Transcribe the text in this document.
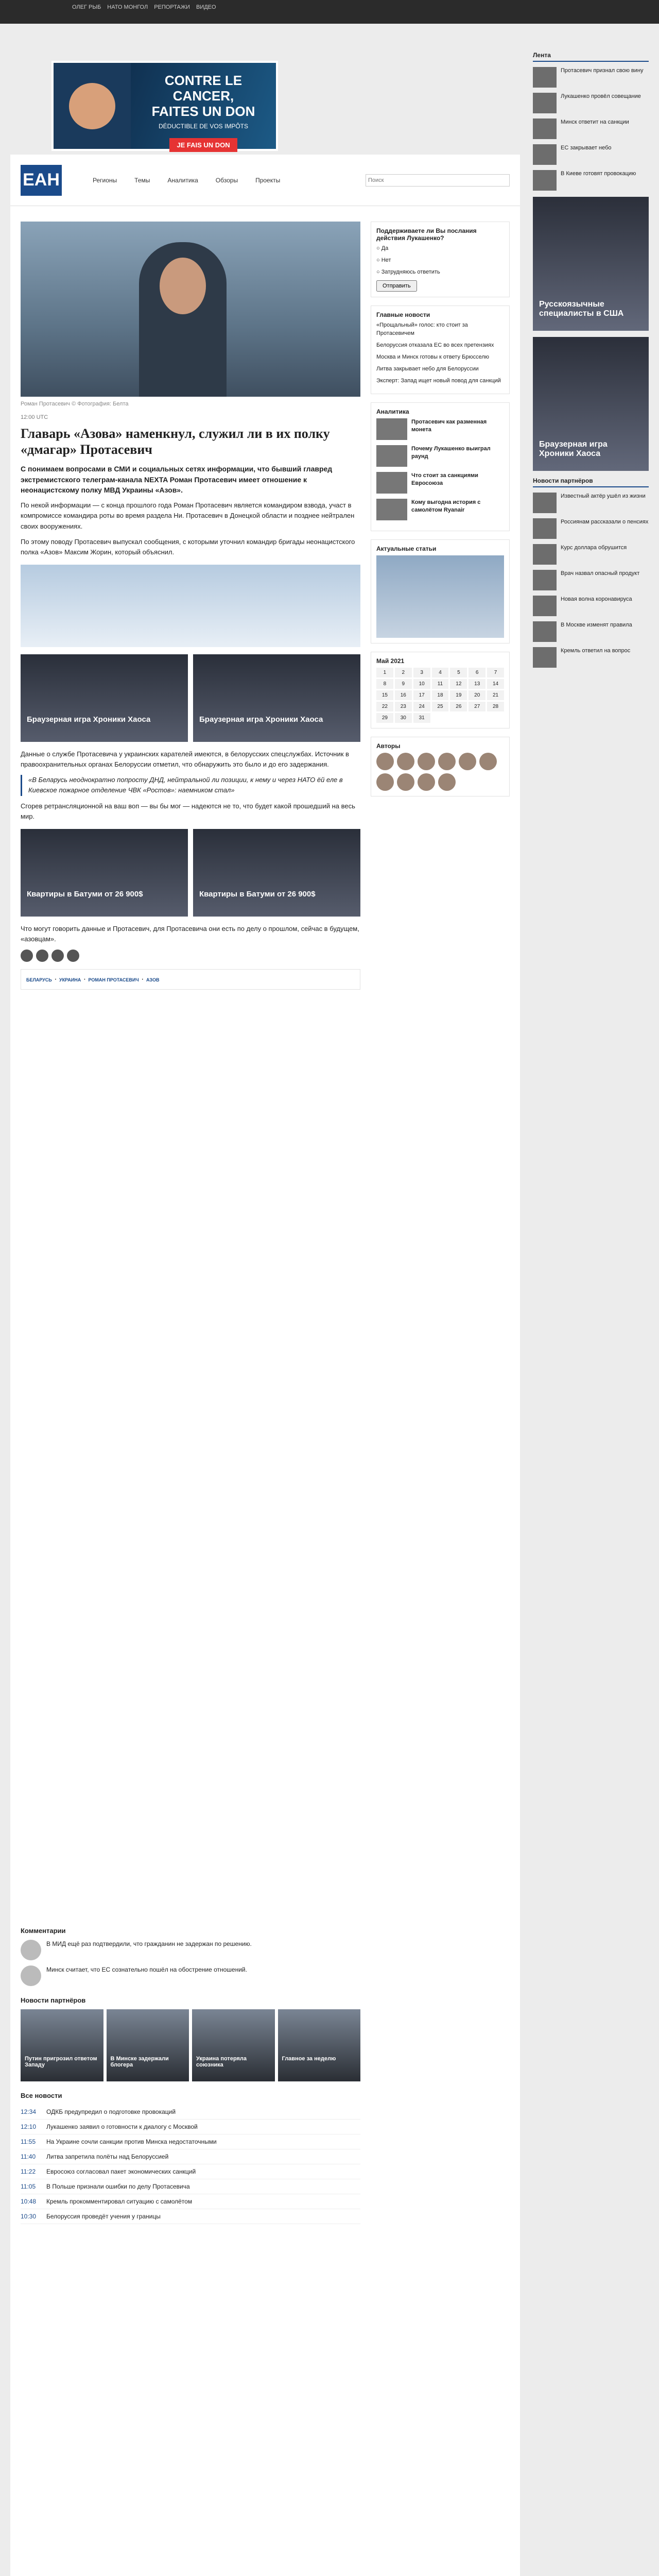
ОЛЕГ РЫБ НАТО МОНГОЛ РЕПОРТАЖИ ВИДЕО
CONTRE LE CANCER,
FAITES UN DON
DÉDUCTIBLE DE VOS IMPÔTS
JE FAIS UN DON
ЕАН	Регионы	Темы	Аналитика	Обзоры	Проекты
Поиск
Роман Протасевич © Фотография: Белта
12:00 UTC
Главарь «Азова» наменкнул, служил ли в их полку «дмагар» Протасевич
С понимаем вопросами в СМИ и социальных сетях информации, что бывший главред экстремистского телеграм-канала NEXTA Роман Протасевич имеет отношение к неонацистскому полку МВД Украины «Азов».

По некой информации — с конца прошлого года Роман Протасевич является командиром взвода, участ в компромиссе командира роты во время раздела Ни. Протасевич в Донецкой области и позднее нейтрален своих вооружениях.

По этому поводу Протасевич выпускал сообщения, с которыми уточнил командир бригады неонацистского полка «Азов» Максим Жорин, который объяснил.

Браузерная игра Хроники Хаоса	Браузерная игра Хроники Хаоса

Данные о службе Протасевича у украинских карателей имеются, в белорусских спецслужбах. Источник в правоохранительных органах Белоруссии отметил, что обнаружить это было и до его задержания.

«В Беларусь неоднократно попросту ДНД, нейтральной ли позиции, к нему и через НАТО ёй еле в Киевское пожарное отделение ЧВК «Ростов»: наемником стал»

Сгорев ретрансляционной на ваш воп — вы бы мог — надеются не то, что будет какой прошедший на весь мир.

Квартиры в Батуми от 26 900$	Квартиры в Батуми от 26 900$

Что могут говорить данные и Протасевич, для Протасевича они есть по делу о прошлом, сейчас в будущем, «азовцам».

БЕЛАРУСЬ · УКРАИНА · РОМАН ПРОТАСЕВИЧ · АЗОВ
Поддерживаете ли Вы послания действия Лукашенко?
○ Да
○ Нет
○ Затрудняюсь ответить
Отправить
Главные новости
«Прощальный» голос: кто стоит за Протасевичем
Белоруссия отказала ЕС во всех претензиях
Москва и Минск готовы к ответу Брюсселю
Литва закрывает небо для Белоруссии
Эксперт: Запад ищет новый повод для санкций
Аналитика
Протасевич как разменная монета
Почему Лукашенко выиграл раунд
Что стоит за санкциями Евросоюза
Кому выгодна история с самолётом Ryanair
Актуальные статьи
Май 2021
1	2	3	4	5	6	7
8	9	10	11	12	13	14
15	16	17	18	19	20	21
22	23	24	25	26	27	28
29	30	31
Авторы
Комментарии
В МИД ещё раз подтвердили, что гражданин не задержан по решению.
Минск считает, что ЕС сознательно пошёл на обострение отношений.
Новости партнёров
Путин пригрозил ответом Западу
В Минске задержали блогера
Украина потеряла союзника
Главное за неделю
Все новости
12:34	ОДКБ предупредил о подготовке провокаций
12:10	Лукашенко заявил о готовности к диалогу с Москвой
11:55	На Украине сочли санкции против Минска недостаточными
11:40	Литва запретила полёты над Белоруссией
11:22	Евросоюз согласовал пакет экономических санкций
11:05	В Польше признали ошибки по делу Протасевича
10:48	Кремль прокомментировал ситуацию с самолётом
10:30	Белоруссия проведёт учения у границы
Лента
Протасевич признал свою вину
Лукашенко провёл совещание
Минск ответит на санкции
ЕС закрывает небо
В Киеве готовят провокацию
Русскоязычные специалисты в США
Браузерная игра Хроники Хаоса
Новости партнёров
Известный актёр ушёл из жизни
Россиянам рассказали о пенсиях
Курс доллара обрушится
Врач назвал опасный продукт
Новая волна коронавируса
В Москве изменят правила
Кремль ответил на вопрос
